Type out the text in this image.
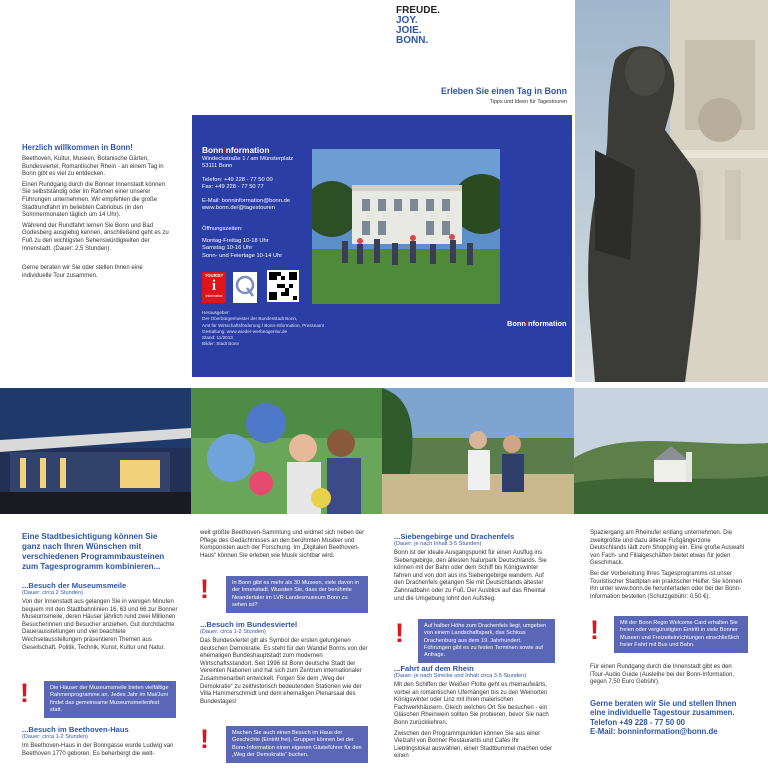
FREUDE.
JOY.
JOIE.
BONN.
Erleben Sie einen Tag in Bonn
Tipps und Ideen für Tagestouren
Herzlich willkommen in Bonn!
Beethoven, Kultur, Museen, Botanische Gärten, Bundesviertel, Romantischer Rhein - an einem Tag in Bonn gibt es viel zu entdecken.
Einen Rundgang durch die Bonner Innenstadt können Sie selbstständig oder im Rahmen einer unserer Führungen unternehmen. Wir empfehlen die große Stadtrundfahrt im beliebten Cabriobus (in den Sommermonaten täglich um 14 Uhr).
Während der Rundfahrt lernen Sie Bonn und Bad Godesberg ausgiebig kennen, anschließend geht es zu Fuß zu den wichtigsten Sehenswürdigkeiten der Innenstadt. (Dauer: 2,5 Stunden).
Gerne beraten wir Sie oder stellen Ihnen eine individuelle Tour zusammen.
Bonninformation
Windeckstraße 1 / am Münsterplatz
53111 Bonn
Telefon: +49 228 - 77 50 00
Fax: +49 228 - 77 50 77
E-Mail: bonninformation@bonn.de
www.bonn.de/@tagestouren
Öffnungszeiten:
Montag-Freitag 10-18 Uhr
Samstag 10-16 Uhr
Sonn- und Feiertage 10-14 Uhr
TOURIST
i
Information
Herausgeber:
Der Oberbürgermeister der Bundesstadt Bonn,
Amt für Wirtschaftsförderung / Bonn-Information, Presseamt
Gestaltung: www.wieder-werbeagentur.de
Stand: 11/2013
Bilder: Stadt Bonn
Bonninformation
Eine Stadtbesichtigung können Sie ganz nach Ihren Wünschen mit verschiedenen Programmbausteinen zum Tagesprogramm kombinieren...
...Besuch der Museumsmeile
(Dauer: circa 2 Stunden)
Von der Innenstadt aus gelangen Sie in wenigen Minuten bequem mit den Stadtbahnlinien 16, 63 und 66 zur Bonner Museumsmeile, deren Häuser jährlich rund zwei Millionen Besucherinnen und Besucher anziehen. Gut durchdachte Dauerausstellungen und viel beachtete Wechselausstellungen präsentieren Themen aus Gesellschaft, Politik, Technik, Kunst, Kultur und Natur.
!	Die Häuser der Museumsmeile bieten vielfältige Rahmenprogramme an. Jedes Jahr im Mai/Juni findet das gemeinsame Museumsmeilenfest statt.
...Besuch im Beethoven-Haus
(Dauer: circa 1-2 Stunden)
Im Beethoven-Haus in der Bonngasse wurde Ludwig van Beethoven 1770 geboren. Es beherbergt die welt-
weit größte Beethoven-Sammlung und widmet sich neben der Pflege des Gedächtnisses an den berühmten Musiker und Komponisten auch der Forschung. Im „Digitalen Beethoven-Haus“ können Sie erleben wie Musik sichtbar wird.
!	In Bonn gibt es mehr als 30 Museen, viele davon in der Innenstadt. Wussten Sie, dass der berühmte Neandertaler im LVR-Landesmuseum Bonn zu sehen ist?
...Besuch im Bundesviertel
(Dauer: circa 1-2 Stunden)
Das Bundesviertel gilt als Symbol der ersten gelungenen deutschen Demokratie. Es steht für den Wandel Bonns von der ehemaligen Bundeshauptstadt zum modernen Wirtschaftsstandort. Seit 1996 ist Bonn deutsche Stadt der Vereinten Nationen und hat sich zum Zentrum internationaler Zusammenarbeit entwickelt. Folgen Sie dem „Weg der Demokratie“ zu zeithistorisch bedeutenden Stationen wie der Villa Hammerschmidt und dem ehemaligen Plenarsaal des Bundestages!
!	Machen Sie auch einen Besuch im Haus der Geschichte (Eintritt frei). Gruppen können bei der Bonn-Information einen eigenen Gästeführer für den „Weg der Demokratie“ buchen.
...Siebengebirge und Drachenfels
(Dauer: je nach Inhalt 3-5 Stunden)
Bonn ist der ideale Ausgangspunkt für einen Ausflug ins Siebengebirge, den ältesten Naturpark Deutschlands. Sie können mit der Bahn oder dem Schiff bis Königswinter fahren und von dort aus ins Siebengebirge wandern. Auf den Drachenfels gelangen Sie mit Deutschlands ältester Zahnradbahn oder zu Fuß. Der Ausblick auf das Rheintal und die Umgebung lohnt den Aufstieg.
!	Auf halber Höhe zum Drachenfels liegt, umgeben von einem Landschaftspark, das Schloss Drachenburg aus dem 19. Jahrhundert. Führungen gibt es zu festen Terminen sowie auf Anfrage.
...Fahrt auf dem Rhein
(Dauer: je nach Strecke und Inhalt circa 3-5 Stunden)
Mit den Schiffen der Weißen Flotte geht es rheinaufwärts, vorbei an romantischen Uferhängen bis zu den Weinorten Königswinter oder Linz mit ihren malerischen Fachwerkhäusern. Gleich welchen Ort Sie besuchen - ein Gläschen Rheinwein sollten Sie probieren, bevor Sie nach Bonn zurückkehren.
Zwischen den Programmpunkten können Sie aus einer Vielzahl von Bonner Restaurants und Cafés Ihr Lieblingslokal auswählen, einen Stadtbummel machen oder einen
Spaziergang am Rheinufer entlang unternehmen. Die zweitgrößte und dazu älteste Fußgängerzone Deutschlands lädt zum Shopping ein. Eine große Auswahl von Fach- und Filialgeschäften bietet etwas für jeden Geschmack.
Bei der Vorbereitung Ihres Tagesprogramms ist unser Touristischer Stadtplan ein praktischer Helfer. Sie können ihn unter www.bonn.de herunterladen oder bei der Bonn-Information bestellen (Schutzgebühr: 0,50 €).
!	Mit der Bonn Regio Welcome Card erhalten Sie freien oder vergünstigten Eintritt in viele Bonner Museen und Freizeiteinrichtungen einschließlich freier Fahrt mit Bus und Bahn.
Für einen Rundgang durch die Innenstadt gibt es den iTour-Audio Guide (Ausleihe bei der Bonn-Information, gegen 7,50 Euro Gebühr).
Gerne beraten wir Sie und stellen Ihnen eine individuelle Tagestour zusammen.
Telefon +49 228 - 77 50 00
E-Mail: bonninformation@bonn.de
